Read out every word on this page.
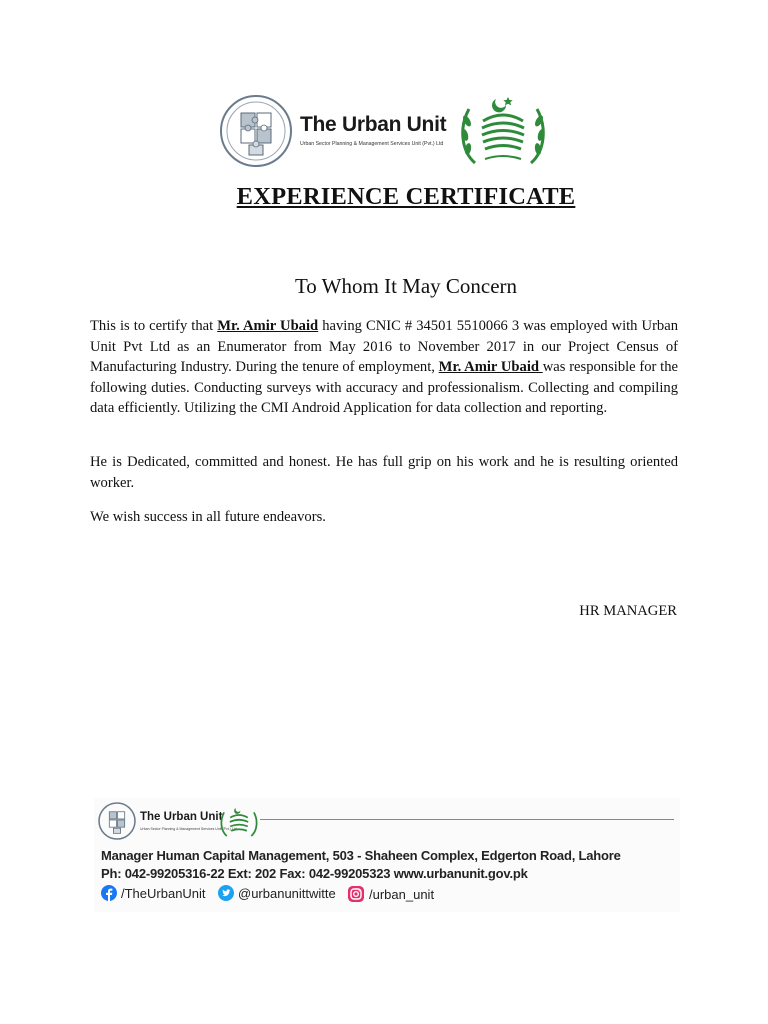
The Urban Unit
Urban Sector Planning & Management Services Unit (Pvt.) Ltd
EXPERIENCE CERTIFICATE
To Whom It May Concern
This is to certify that Mr. Amir Ubaid having CNIC # 34501 5510066 3 was employed with Urban Unit Pvt Ltd as an Enumerator from May 2016 to November 2017 in our Project Census of Manufacturing Industry. During the tenure of employment, Mr. Amir Ubaid was responsible for the following duties. Conducting surveys with accuracy and professionalism. Collecting and compiling data efficiently. Utilizing the CMI Android Application for data collection and reporting.
He is Dedicated, committed and honest. He has full grip on his work and he is resulting oriented worker.
We wish success in all future endeavors.
HR MANAGER
The Urban Unit
Urban Sector Planning & Management Services Unit (Pvt.) Ltd
Manager Human Capital Management, 503 - Shaheen Complex, Edgerton Road, Lahore
Ph: 042-99205316-22 Ext: 202 Fax: 042-99205323 www.urbanunit.gov.pk
/TheUrbanUnit @urbanunittwitte	/urban_unit
